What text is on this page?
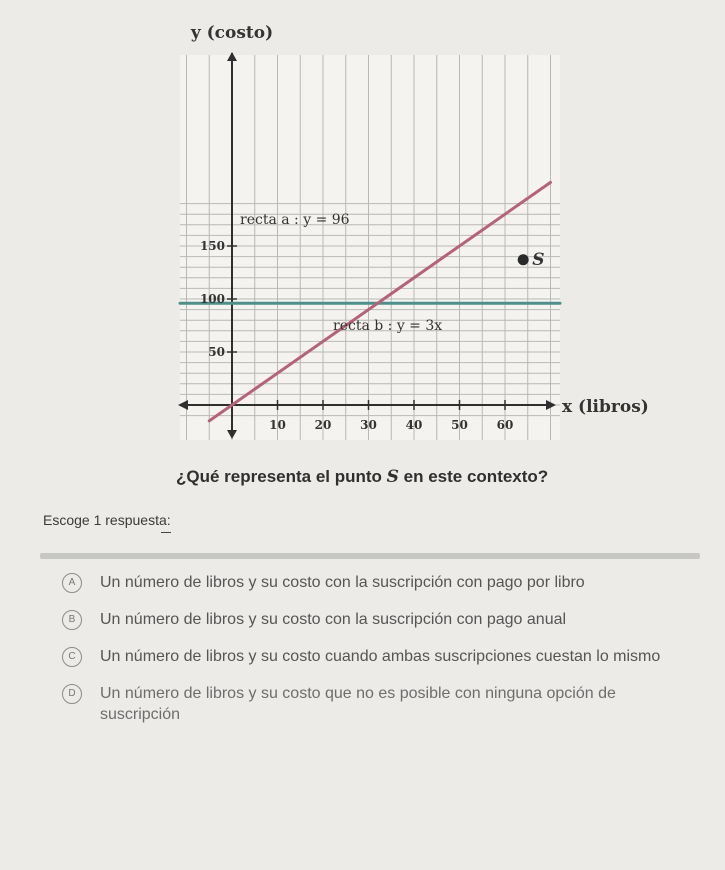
10 20 30 40 50 60
50
100
150
y (costo)
x (libros)
recta a : y = 96
recta b : y = 3x
S
¿Qué representa el punto S en este contexto?
Escoge 1 respuesta:
A	Un número de libros y su costo con la suscripción con pago por libro
B	Un número de libros y su costo con la suscripción con pago anual
C	Un número de libros y su costo cuando ambas suscripciones cuestan lo mismo
D	Un número de libros y su costo que no es posible con ninguna opción de suscripción
